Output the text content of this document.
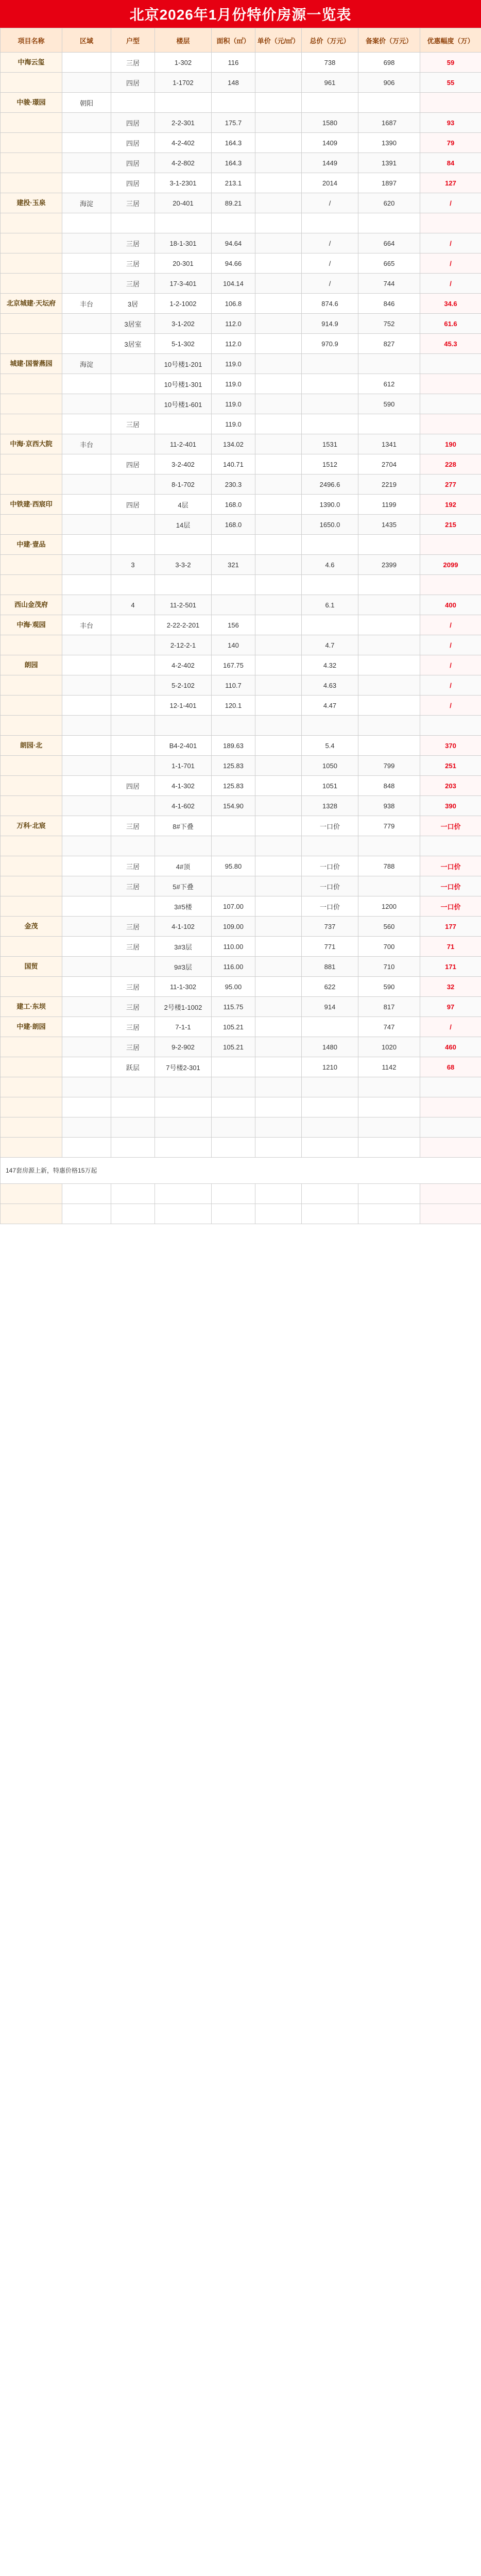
北京2026年1月份特价房源一览表
项目名称	区域	户型	楼层	面积（㎡）	单价（元/㎡）	总价（万元）	备案价（万元）	优惠幅度（万）
中海云玺		三居	1-302	116		738	698	59
		四居	1-1702	148		961	906	55
中骏·璟园	朝阳							
		四居	2-2-301	175.7		1580	1687	93
		四居	4-2-402	164.3		1409	1390	79
		四居	4-2-802	164.3		1449	1391	84
		四居	3-1-2301	213.1		2014	1897	127
建投·玉泉	海淀	三居	20-401	89.21		/	620	/

		三居	18-1-301	94.64		/	664	/
		三居	20-301	94.66		/	665	/
		三居	17-3-401	104.14		/	744	/
北京城建·天坛府	丰台	3居	1-2-1002	106.8		874.6	846	34.6
		3居室	3-1-202	112.0		914.9	752	61.6
		3居室	5-1-302	112.0		970.9	827	45.3
城建·国誉燕园	海淀		10号楼1-201	119.0				
			10号楼1-301	119.0			612	
			10号楼1-601	119.0			590	
		三居		119.0				
中海·京西大院	丰台		11-2-401	134.02		1531	1341	190
		四居	3-2-402	140.71		1512	2704	228
			8-1-702	230.3		2496.6	2219	277
中铁建·西宸印		四居	4层	168.0		1390.0	1199	192
			14层	168.0		1650.0	1435	215
中建·壹品								
		3	3-3-2	321		4.6	2399	2099

西山金茂府		4	11-2-501			6.1		400
中海·观园	丰台		2-22-2-201	156				/
			2-12-2-1	140		4.7		/
朗园			4-2-402	167.75		4.32		/
			5-2-102	110.7		4.63		/
			12-1-401	120.1		4.47		/

朗园·北			B4-2-401	189.63		5.4		370
			1-1-701	125.83		1050	799	251
		四居	4-1-302	125.83		1051	848	203
			4-1-602	154.90		1328	938	390
万科·北宸		三居	8#下叠			一口价	779	一口价

		三居	4#顶	95.80		一口价	788	一口价
		三居	5#下叠			一口价		一口价
			3#5楼	107.00		一口价	1200	一口价
金茂		三居	4-1-102	109.00		737	560	177
		三居	3#3层	110.00		771	700	71
国贸			9#3层	116.00		881	710	171
		三居	11-1-302	95.00		622	590	32
建工·东坝		三居	2号楼1-1002	115.75		914	817	97
中建·朗园		三居	7-1-1	105.21			747	/
		三居	9-2-902	105.21		1480	1020	460
		跃层	7号楼2-301			1210	1142	68

147套房源上新，特惠价格15万起								
